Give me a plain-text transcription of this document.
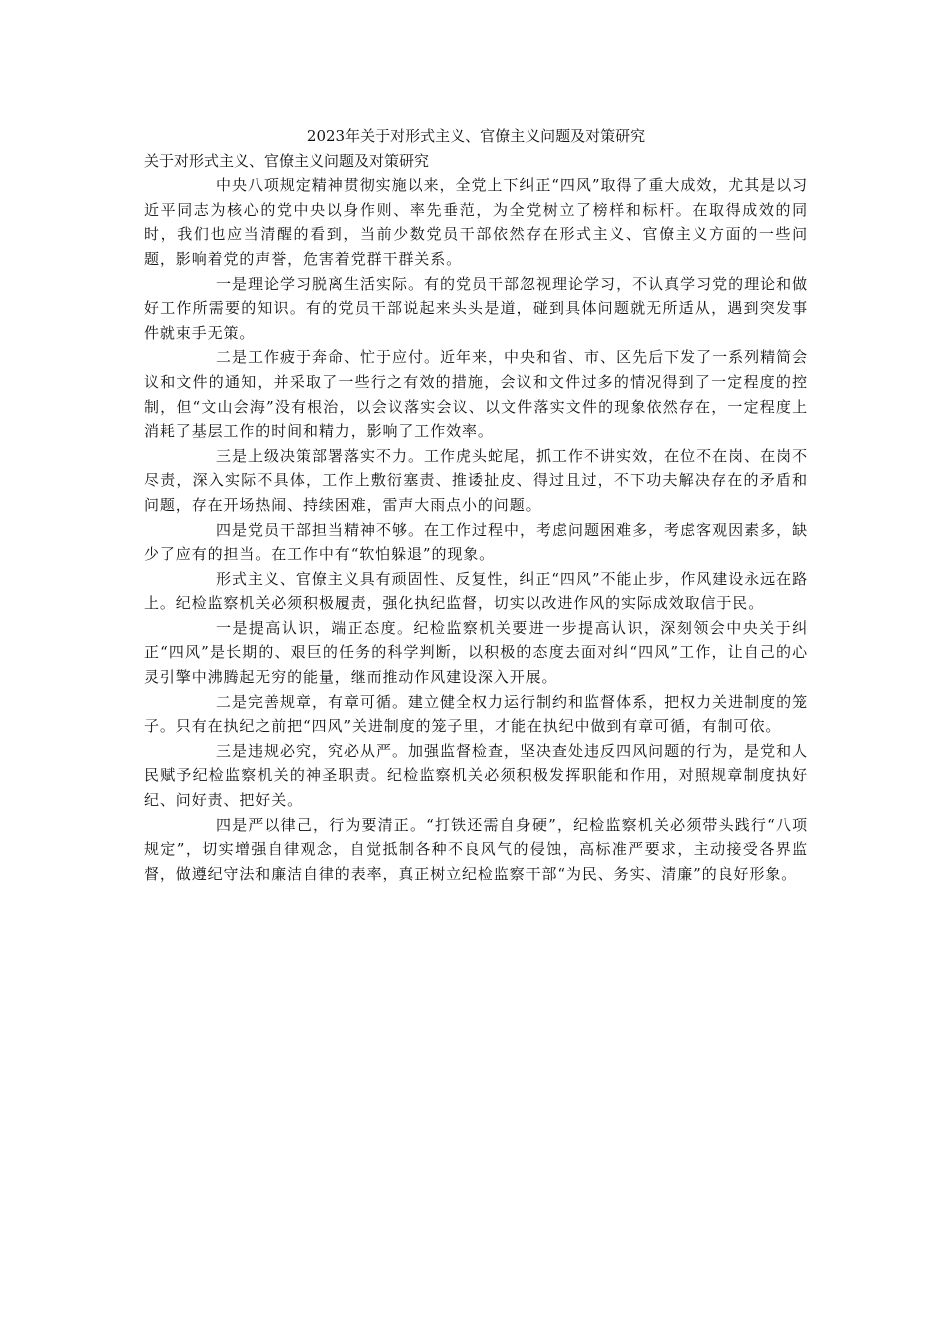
2023年关于对形式主义、官僚主义问题及对策研究

关于对形式主义、官僚主义问题及对策研究

中央八项规定精神贯彻实施以来，全党上下纠正“四风”取得了重大成效，尤其是以习近平同志为核心的党中央以身作则、率先垂范，为全党树立了榜样和标杆。在取得成效的同时，我们也应当清醒的看到，当前少数党员干部依然存在形式主义、官僚主义方面的一些问题，影响着党的声誉，危害着党群干群关系。

一是理论学习脱离生活实际。有的党员干部忽视理论学习，不认真学习党的理论和做好工作所需要的知识。有的党员干部说起来头头是道，碰到具体问题就无所适从，遇到突发事件就束手无策。

二是工作疲于奔命、忙于应付。近年来，中央和省、市、区先后下发了一系列精简会议和文件的通知，并采取了一些行之有效的措施，会议和文件过多的情况得到了一定程度的控制，但“文山会海”没有根治，以会议落实会议、以文件落实文件的现象依然存在，一定程度上消耗了基层工作的时间和精力，影响了工作效率。

三是上级决策部署落实不力。工作虎头蛇尾，抓工作不讲实效，在位不在岗、在岗不尽责，深入实际不具体，工作上敷衍塞责、推诿扯皮、得过且过，不下功夫解决存在的矛盾和问题，存在开场热闹、持续困难，雷声大雨点小的问题。

四是党员干部担当精神不够。在工作过程中，考虑问题困难多，考虑客观因素多，缺少了应有的担当。在工作中有“软怕躲退”的现象。

形式主义、官僚主义具有顽固性、反复性，纠正“四风”不能止步，作风建设永远在路上。纪检监察机关必须积极履责，强化执纪监督，切实以改进作风的实际成效取信于民。

一是提高认识，端正态度。纪检监察机关要进一步提高认识，深刻领会中央关于纠正“四风”是长期的、艰巨的任务的科学判断，以积极的态度去面对纠“四风”工作，让自己的心灵引擎中沸腾起无穷的能量，继而推动作风建设深入开展。

二是完善规章，有章可循。建立健全权力运行制约和监督体系，把权力关进制度的笼子。只有在执纪之前把“四风”关进制度的笼子里，才能在执纪中做到有章可循，有制可依。

三是违规必究，究必从严。加强监督检查，坚决查处违反四风问题的行为，是党和人民赋予纪检监察机关的神圣职责。纪检监察机关必须积极发挥职能和作用，对照规章制度执好纪、问好责、把好关。

四是严以律己，行为要清正。“打铁还需自身硬”，纪检监察机关必须带头践行“八项规定”，切实增强自律观念，自觉抵制各种不良风气的侵蚀，高标准严要求，主动接受各界监督，做遵纪守法和廉洁自律的表率，真正树立纪检监察干部“为民、务实、清廉”的良好形象。
